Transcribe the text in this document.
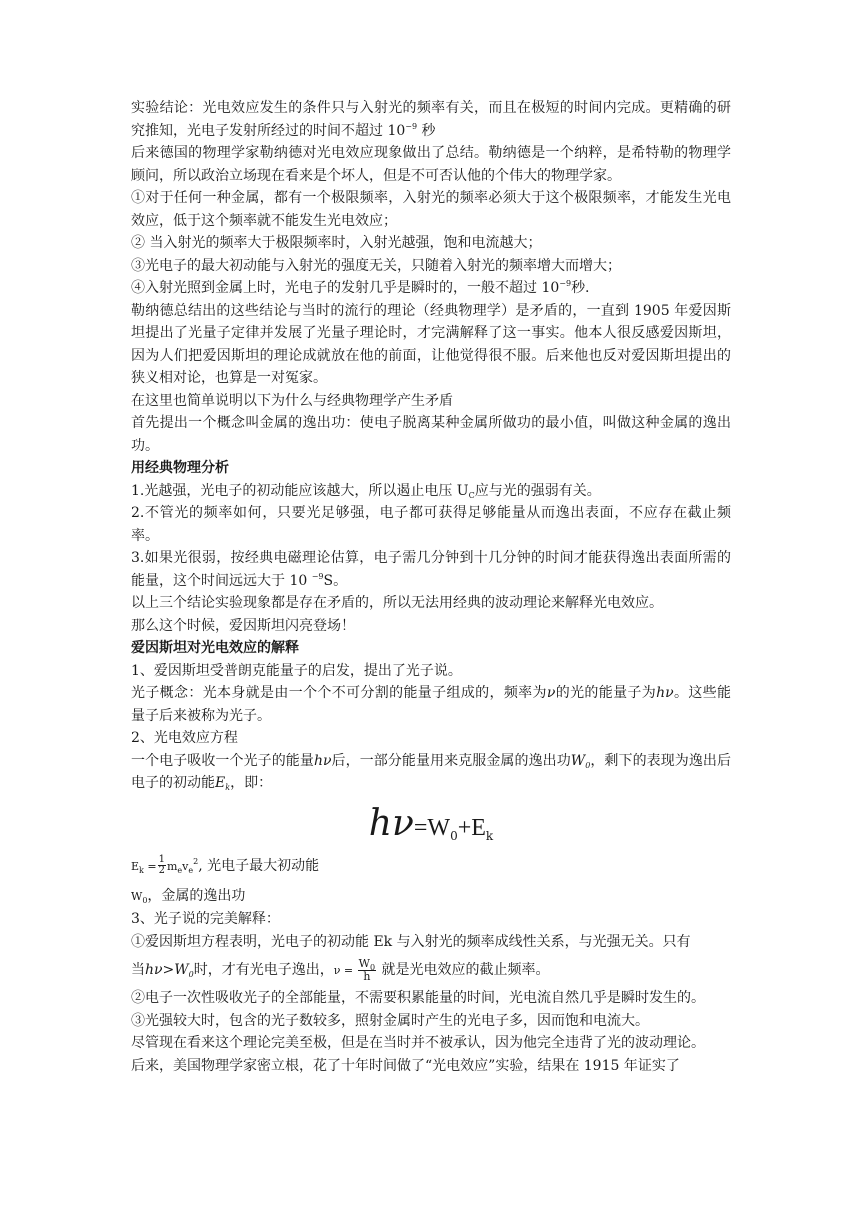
实验结论：光电效应发生的条件只与入射光的频率有关，而且在极短的时间内完成。更精确的研究推知，光电子发射所经过的时间不超过 $10^{-9}$ 秒

后来德国的物理学家勒纳德对光电效应现象做出了总结。勒纳德是一个纳粹，是希特勒的物理学顾问，所以政治立场现在看来是个坏人，但是不可否认他的个伟大的物理学家。

①对于任何一种金属，都有一个极限频率，入射光的频率必须大于这个极限频率，才能发生光电效应，低于这个频率就不能发生光电效应；

② 当入射光的频率大于极限频率时，入射光越强，饱和电流越大；

③光电子的最大初动能与入射光的强度无关，只随着入射光的频率增大而增大；

④入射光照到金属上时，光电子的发射几乎是瞬时的，一般不超过 $10^{-9}$秒.

勒纳德总结出的这些结论与当时的流行的理论（经典物理学）是矛盾的，一直到 1905 年爱因斯坦提出了光量子定律并发展了光量子理论时，才完满解释了这一事实。他本人很反感爱因斯坦，因为人们把爱因斯坦的理论成就放在他的前面，让他觉得很不服。后来他也反对爱因斯坦提出的狭义相对论，也算是一对冤家。

在这里也简单说明以下为什么与经典物理学产生矛盾

首先提出一个概念叫金属的逸出功：使电子脱离某种金属所做功的最小值，叫做这种金属的逸出功。

用经典物理分析

1.光越强，光电子的初动能应该越大，所以遏止电压 $U_C$应与光的强弱有关。

2.不管光的频率如何，只要光足够强，电子都可获得足够能量从而逸出表面，不应存在截止频率。

3.如果光很弱，按经典电磁理论估算，电子需几分钟到十几分钟的时间才能获得逸出表面所需的能量，这个时间远远大于 10 $^{-9}$S。

以上三个结论实验现象都是存在矛盾的，所以无法用经典的波动理论来解释光电效应。

那么这个时候，爱因斯坦闪亮登场！

爱因斯坦对光电效应的解释

1、爱因斯坦受普朗克能量子的启发，提出了光子说。

光子概念：光本身就是由一个个不可分割的能量子组成的，频率为ν的光的能量子为hν。这些能量子后来被称为光子。

2、光电效应方程

一个电子吸收一个光子的能量hν后，一部分能量用来克服金属的逸出功$W_0$，剩下的表现为逸出后电子的初动能$E_k$，即：

$h\nu=W_0+E_k$

$E_k = \frac{1}{2} m_ev_e^2$, 光电子最大初动能

$W_0$，金属的逸出功

3、光子说的完美解释：

①爱因斯坦方程表明，光电子的初动能 Ek 与入射光的频率成线性关系，与光强无关。只有

当$h\nu>W_0$时，才有光电子逸出，$\nu = \frac{W_0}{h}$ 就是光电效应的截止频率。

②电子一次性吸收光子的全部能量，不需要积累能量的时间，光电流自然几乎是瞬时发生的。

③光强较大时，包含的光子数较多，照射金属时产生的光电子多，因而饱和电流大。

尽管现在看来这个理论完美至极，但是在当时并不被承认，因为他完全违背了光的波动理论。

后来，美国物理学家密立根，花了十年时间做了“光电效应”实验，结果在 1915 年证实了
